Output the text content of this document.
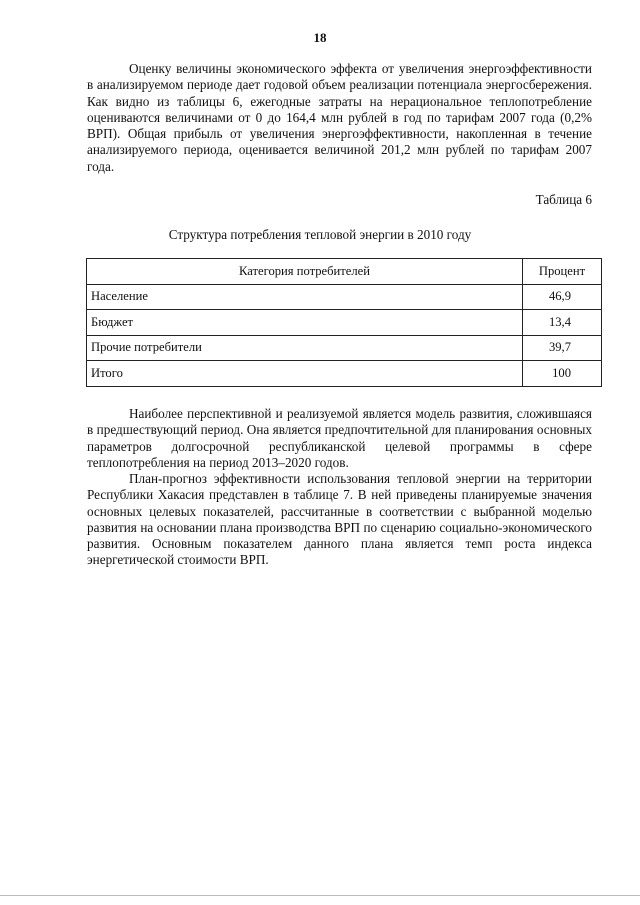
18

Оценку величины экономического эффекта от увеличения энергоэффективности в анализируемом периоде дает годовой объем реализации потенциала энергосбережения. Как видно из таблицы 6, ежегодные затраты на нерациональное теплопотребление оцениваются величинами от 0 до 164,4 млн рублей в год по тарифам 2007 года (0,2% ВРП). Общая прибыль от увеличения энергоэффективности, накопленная в течение анализируемого периода, оценивается величиной 201,2 млн рублей по тарифам 2007 года.

Таблица 6
Структура потребления тепловой энергии в 2010 году
Категория потребителей	Процент
Население	46,9
Бюджет	13,4
Прочие потребители	39,7
Итого	100

Наиболее перспективной и реализуемой является модель развития, сложившаяся в предшествующий период. Она является предпочтительной для планирования основных параметров долгосрочной республиканской целевой программы в сфере теплопотребления на период 2013–2020 годов.

План-прогноз эффективности использования тепловой энергии на территории Республики Хакасия представлен в таблице 7. В ней приведены планируемые значения основных целевых показателей, рассчитанные в соответствии с выбранной моделью развития на основании плана производства ВРП по сценарию социально-экономического развития. Основным показателем данного плана является темп роста индекса энергетической стоимости ВРП.
